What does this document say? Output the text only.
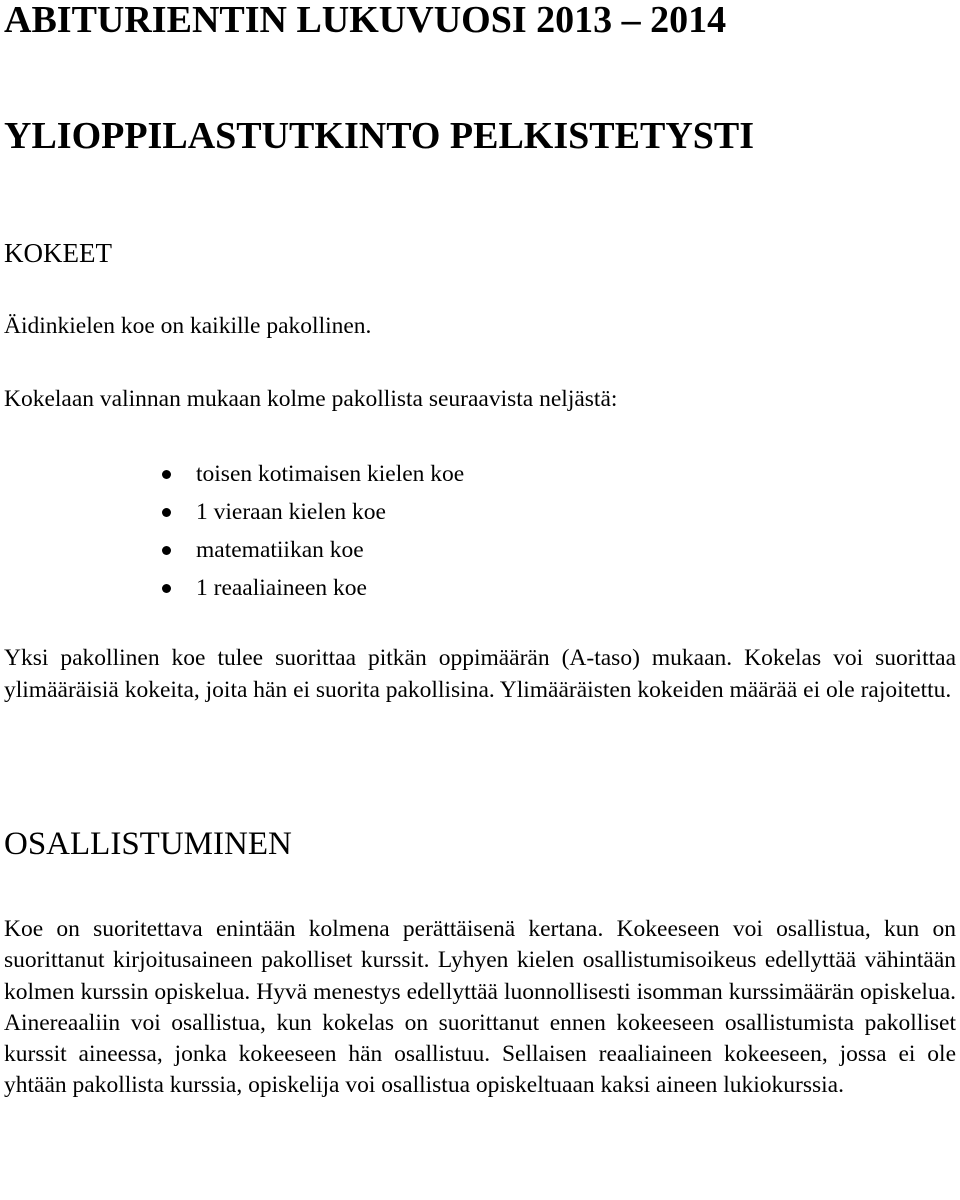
ABITURIENTIN LUKUVUOSI 2013 – 2014
YLIOPPILASTUTKINTO PELKISTETYSTI
KOKEET

Äidinkielen koe on kaikille pakollinen.

Kokelaan valinnan mukaan kolme pakollista seuraavista neljästä:

toisen kotimaisen kielen koe
1 vieraan kielen koe
matematiikan koe
1 reaaliaineen koe

Yksi pakollinen koe tulee suorittaa pitkän oppimäärän (A-taso) mukaan. Kokelas voi suorittaa ylimääräisiä kokeita, joita hän ei suorita pakollisina. Ylimääräisten kokeiden määrää ei ole rajoitettu.

OSALLISTUMINEN

Koe on suoritettava enintään kolmena perättäisenä kertana. Kokeeseen voi osallistua, kun on suorittanut kirjoitusaineen pakolliset kurssit. Lyhyen kielen osallistumisoikeus edellyttää vähintään kolmen kurssin opiskelua. Hyvä menestys edellyttää luonnollisesti isomman kurssimäärän opiskelua. Ainereaaliin voi osallistua, kun kokelas on suorittanut ennen kokeeseen osallistumista pakolliset kurssit aineessa, jonka kokeeseen hän osallistuu. Sellaisen reaaliaineen kokeeseen, jossa ei ole yhtään pakollista kurssia, opiskelija voi osallistua opiskeltuaan kaksi aineen lukiokurssia.
